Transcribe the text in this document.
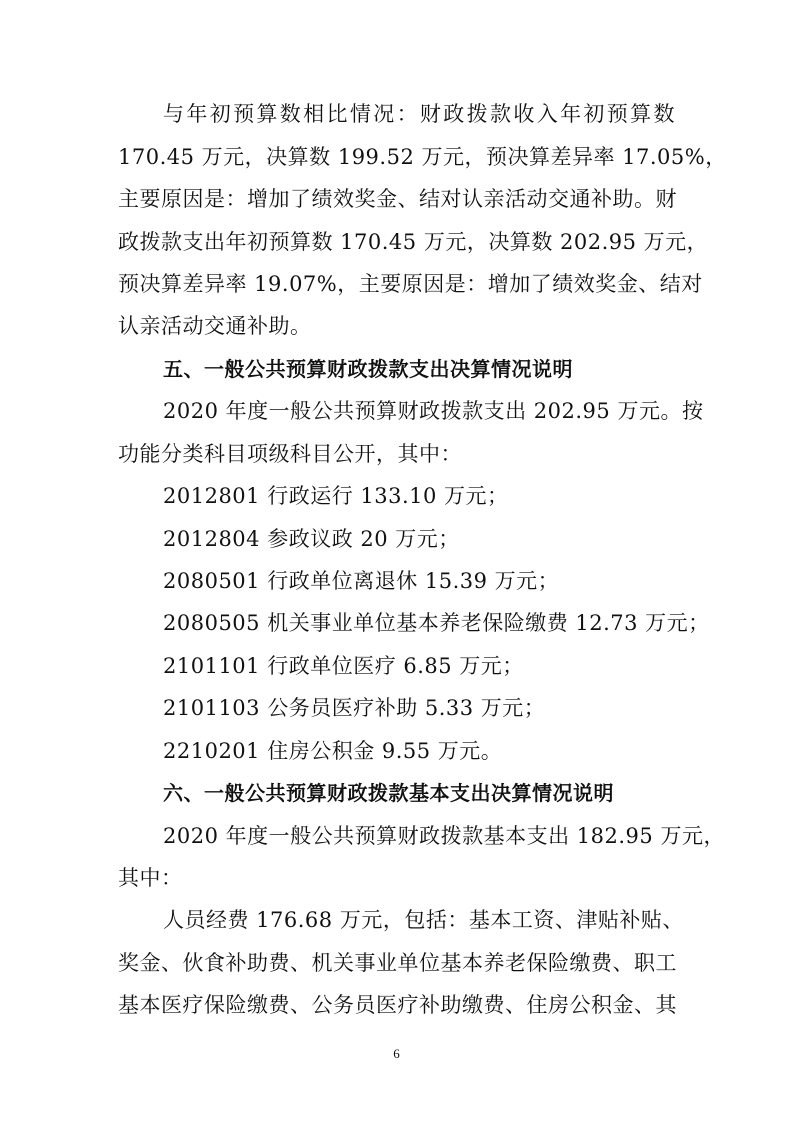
与年初预算数相比情况：财政拨款收入年初预算数
170.45 万元，决算数 199.52 万元，预决算差异率 17.05%，
主要原因是：增加了绩效奖金、结对认亲活动交通补助。财
政拨款支出年初预算数 170.45 万元，决算数 202.95 万元，
预决算差异率 19.07%，主要原因是：增加了绩效奖金、结对
认亲活动交通补助。
五、一般公共预算财政拨款支出决算情况说明
2020 年度一般公共预算财政拨款支出 202.95 万元。按
功能分类科目项级科目公开，其中：
2012801 行政运行 133.10 万元；
2012804 参政议政 20 万元；
2080501 行政单位离退休 15.39 万元；
2080505 机关事业单位基本养老保险缴费 12.73 万元；
2101101 行政单位医疗 6.85 万元；
2101103 公务员医疗补助 5.33 万元；
2210201 住房公积金 9.55 万元。
六、一般公共预算财政拨款基本支出决算情况说明
2020 年度一般公共预算财政拨款基本支出 182.95 万元，
其中：
人员经费 176.68 万元，包括：基本工资、津贴补贴、
奖金、伙食补助费、机关事业单位基本养老保险缴费、职工
基本医疗保险缴费、公务员医疗补助缴费、住房公积金、其
6
